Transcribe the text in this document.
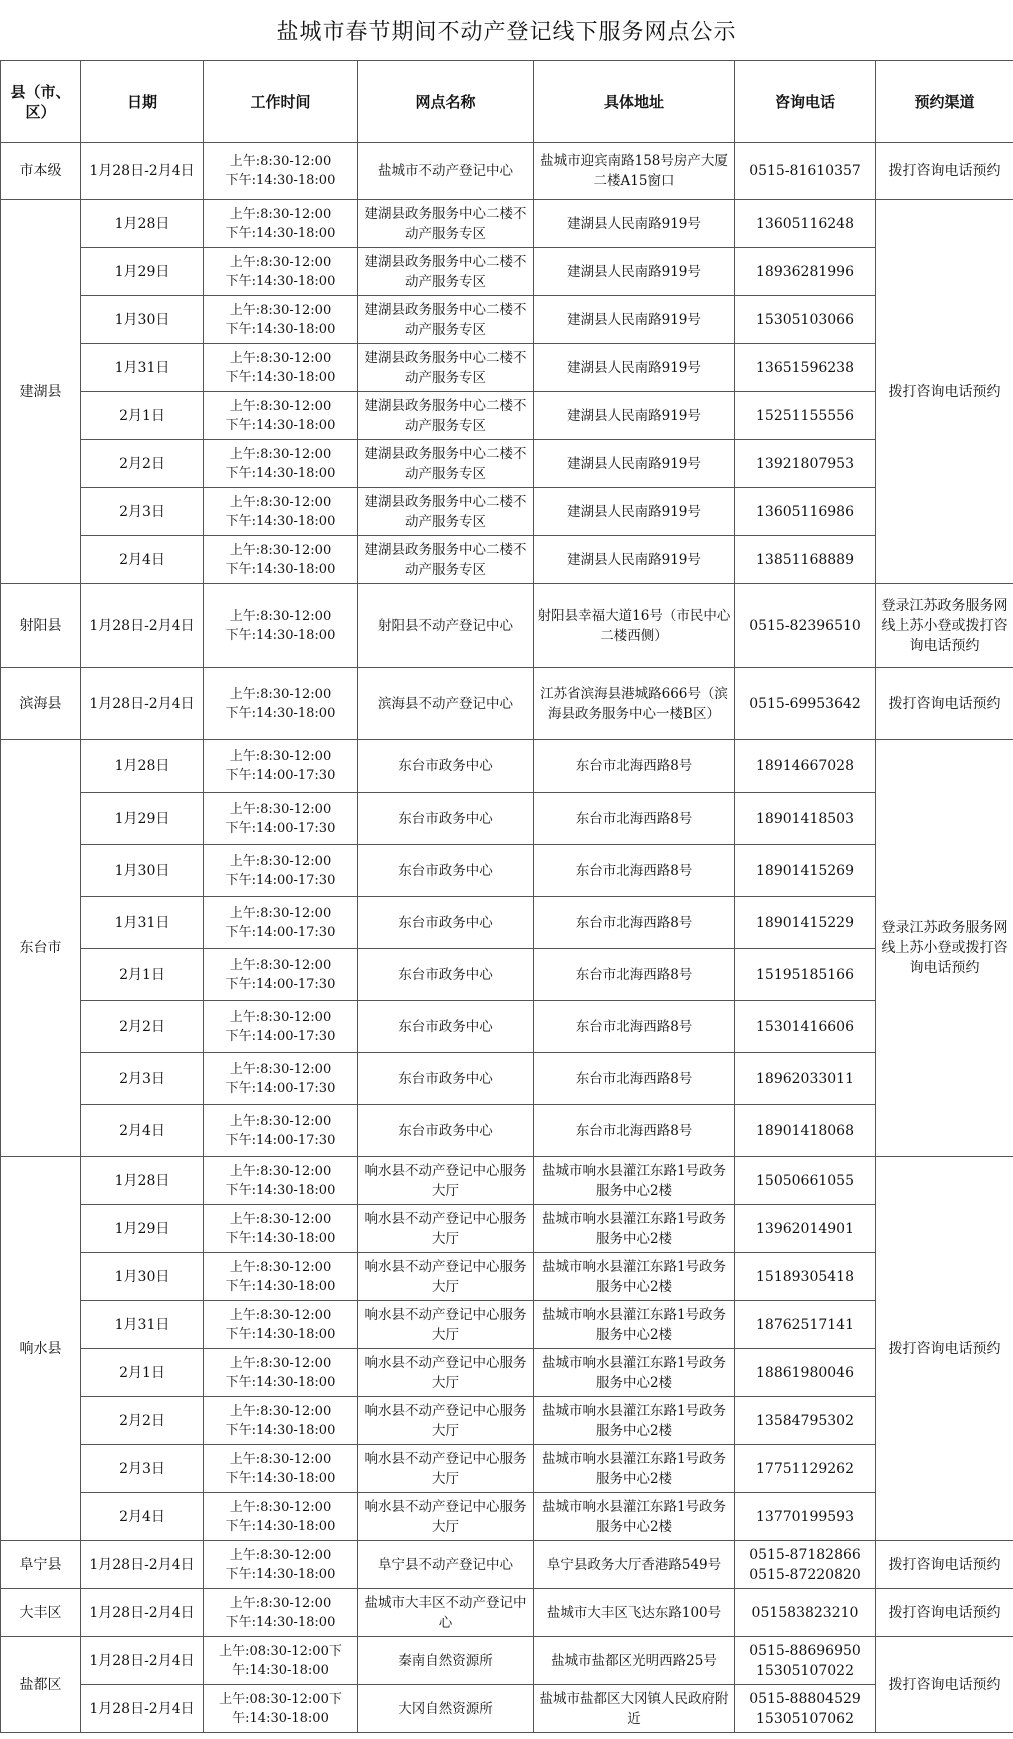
盐城市春节期间不动产登记线下服务网点公示
县（市、区）	日期	工作时间	网点名称	具体地址	咨询电话	预约渠道
市本级	1月28日-2月4日	上午:8:30-12:00
下午:14:30-18:00	盐城市不动产登记中心	盐城市迎宾南路158号房产大厦二楼A15窗口	0515-81610357	拨打咨询电话预约
建湖县	1月28日	上午:8:30-12:00
下午:14:30-18:00	建湖县政务服务中心二楼不动产服务专区	建湖县人民南路919号	13605116248	拨打咨询电话预约
	1月29日	上午:8:30-12:00
下午:14:30-18:00	建湖县政务服务中心二楼不动产服务专区	建湖县人民南路919号	18936281996	
	1月30日	上午:8:30-12:00
下午:14:30-18:00	建湖县政务服务中心二楼不动产服务专区	建湖县人民南路919号	15305103066	
	1月31日	上午:8:30-12:00
下午:14:30-18:00	建湖县政务服务中心二楼不动产服务专区	建湖县人民南路919号	13651596238	
	2月1日	上午:8:30-12:00
下午:14:30-18:00	建湖县政务服务中心二楼不动产服务专区	建湖县人民南路919号	15251155556	
	2月2日	上午:8:30-12:00
下午:14:30-18:00	建湖县政务服务中心二楼不动产服务专区	建湖县人民南路919号	13921807953	
	2月3日	上午:8:30-12:00
下午:14:30-18:00	建湖县政务服务中心二楼不动产服务专区	建湖县人民南路919号	13605116986	
	2月4日	上午:8:30-12:00
下午:14:30-18:00	建湖县政务服务中心二楼不动产服务专区	建湖县人民南路919号	13851168889	
射阳县	1月28日-2月4日	上午:8:30-12:00
下午:14:30-18:00	射阳县不动产登记中心	射阳县幸福大道16号（市民中心二楼西侧）	0515-82396510	登录江苏政务服务网线上苏小登或拨打咨询电话预约
滨海县	1月28日-2月4日	上午:8:30-12:00
下午:14:30-18:00	滨海县不动产登记中心	江苏省滨海县港城路666号（滨海县政务服务中心一楼B区）	0515-69953642	拨打咨询电话预约
东台市	1月28日	上午:8:30-12:00
下午:14:00-17:30	东台市政务中心	东台市北海西路8号	18914667028	登录江苏政务服务网线上苏小登或拨打咨询电话预约
	1月29日	上午:8:30-12:00
下午:14:00-17:30	东台市政务中心	东台市北海西路8号	18901418503	
	1月30日	上午:8:30-12:00
下午:14:00-17:30	东台市政务中心	东台市北海西路8号	18901415269	
	1月31日	上午:8:30-12:00
下午:14:00-17:30	东台市政务中心	东台市北海西路8号	18901415229	
	2月1日	上午:8:30-12:00
下午:14:00-17:30	东台市政务中心	东台市北海西路8号	15195185166	
	2月2日	上午:8:30-12:00
下午:14:00-17:30	东台市政务中心	东台市北海西路8号	15301416606	
	2月3日	上午:8:30-12:00
下午:14:00-17:30	东台市政务中心	东台市北海西路8号	18962033011	
	2月4日	上午:8:30-12:00
下午:14:00-17:30	东台市政务中心	东台市北海西路8号	18901418068	
响水县	1月28日	上午:8:30-12:00
下午:14:30-18:00	响水县不动产登记中心服务大厅	盐城市响水县灌江东路1号政务服务中心2楼	15050661055	拨打咨询电话预约
	1月29日	上午:8:30-12:00
下午:14:30-18:00	响水县不动产登记中心服务大厅	盐城市响水县灌江东路1号政务服务中心2楼	13962014901	
	1月30日	上午:8:30-12:00
下午:14:30-18:00	响水县不动产登记中心服务大厅	盐城市响水县灌江东路1号政务服务中心2楼	15189305418	
	1月31日	上午:8:30-12:00
下午:14:30-18:00	响水县不动产登记中心服务大厅	盐城市响水县灌江东路1号政务服务中心2楼	18762517141	
	2月1日	上午:8:30-12:00
下午:14:30-18:00	响水县不动产登记中心服务大厅	盐城市响水县灌江东路1号政务服务中心2楼	18861980046	
	2月2日	上午:8:30-12:00
下午:14:30-18:00	响水县不动产登记中心服务大厅	盐城市响水县灌江东路1号政务服务中心2楼	13584795302	
	2月3日	上午:8:30-12:00
下午:14:30-18:00	响水县不动产登记中心服务大厅	盐城市响水县灌江东路1号政务服务中心2楼	17751129262	
	2月4日	上午:8:30-12:00
下午:14:30-18:00	响水县不动产登记中心服务大厅	盐城市响水县灌江东路1号政务服务中心2楼	13770199593	
阜宁县	1月28日-2月4日	上午:8:30-12:00
下午:14:30-18:00	阜宁县不动产登记中心	阜宁县政务大厅香港路549号	0515-87182866
0515-87220820	拨打咨询电话预约
大丰区	1月28日-2月4日	上午:8:30-12:00
下午:14:30-18:00	盐城市大丰区不动产登记中心	盐城市大丰区飞达东路100号	051583823210	拨打咨询电话预约
盐都区	1月28日-2月4日	上午:08:30-12:00下午:14:30-18:00	秦南自然资源所	盐城市盐都区光明西路25号	0515-88696950
15305107022	拨打咨询电话预约
	1月28日-2月4日	上午:08:30-12:00下午:14:30-18:00	大冈自然资源所	盐城市盐都区大冈镇人民政府附近	0515-88804529
15305107062	
